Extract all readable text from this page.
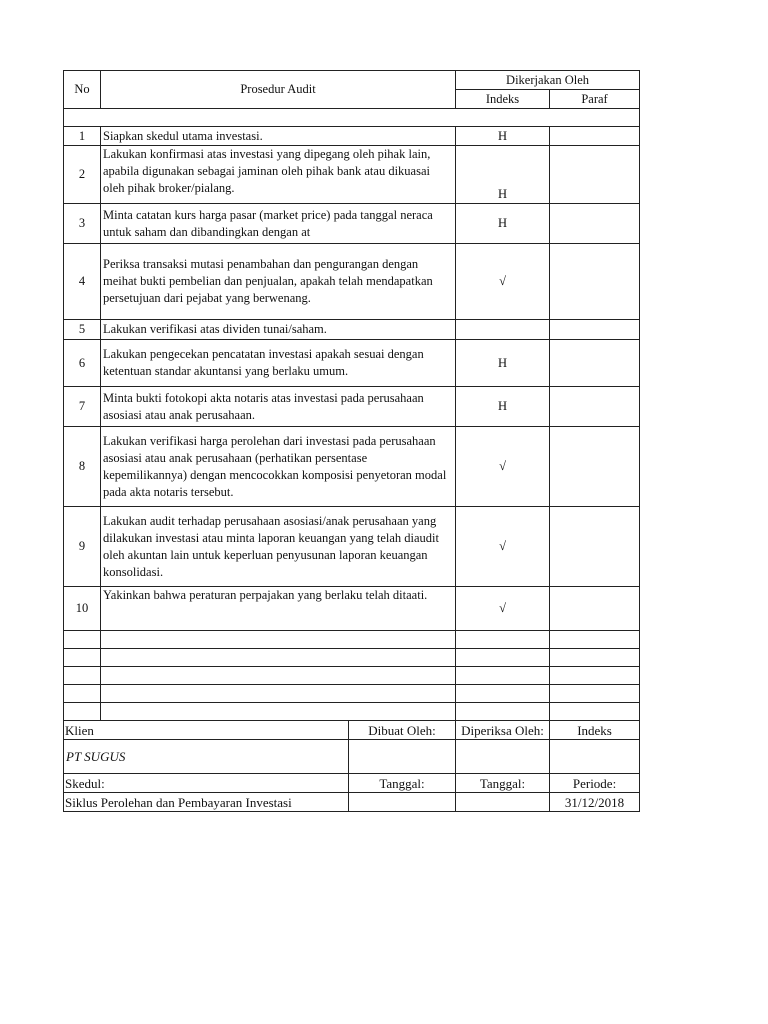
No	Prosedur Audit		Dikerjakan Oleh	
			Indeks	Paraf

1	Siapkan skedul utama investasi.		H	
2	Lakukan konfirmasi atas investasi yang dipegang oleh pihak lain, apabila digunakan sebagai jaminan oleh pihak bank atau dikuasai oleh pihak broker/pialang.		H	
3	Minta catatan kurs harga pasar (market price) pada tanggal neraca untuk saham dan dibandingkan dengan at		H	
4	Periksa transaksi mutasi penambahan dan pengurangan dengan meihat bukti pembelian dan penjualan, apakah telah mendapatkan persetujuan dari pejabat yang berwenang.		√	
5	Lakukan verifikasi atas dividen tunai/saham.			
6	Lakukan pengecekan pencatatan investasi apakah sesuai dengan ketentuan standar akuntansi yang berlaku umum.		H	
7	Minta bukti fotokopi akta notaris atas investasi pada perusahaan asosiasi atau anak perusahaan.		H	
8	Lakukan verifikasi harga perolehan dari investasi pada perusahaan asosiasi atau anak perusahaan (perhatikan persentase kepemilikannya) dengan mencocokkan komposisi penyetoran modal pada akta notaris tersebut.		√	
9	Lakukan audit terhadap perusahaan asosiasi/anak perusahaan yang dilakukan investasi atau minta laporan keuangan yang telah diaudit oleh akuntan lain untuk keperluan penyusunan laporan keuangan konsolidasi.		√	
10	Yakinkan bahwa peraturan perpajakan yang berlaku telah ditaati.		√	

Klien		Dibuat Oleh:	Diperiksa Oleh:	Indeks
PT SUGUS				
Skedul:		Tanggal:	Tanggal:	Periode:
Siklus Perolehan dan Pembayaran Investasi				31/12/2018
